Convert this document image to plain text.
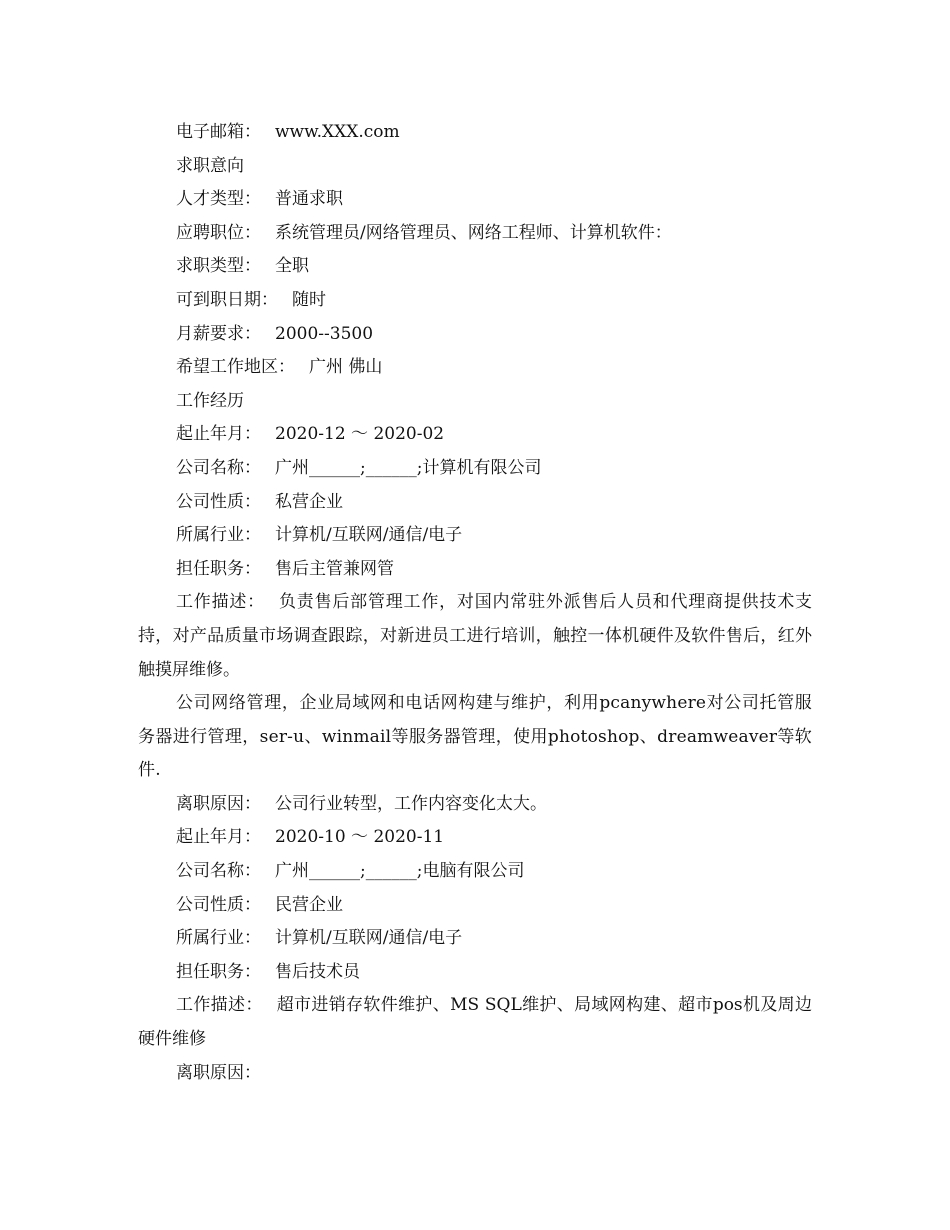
电子邮箱： www.XXX.com
求职意向
人才类型： 普通求职
应聘职位： 系统管理员/网络管理员、网络工程师、计算机软件：
求职类型： 全职
可到职日期： 随时
月薪要求： 2000--3500
希望工作地区： 广州 佛山
工作经历
起止年月： 2020-12 ～ 2020-02
公司名称： 广州______;______;计算机有限公司
公司性质： 私营企业
所属行业： 计算机/互联网/通信/电子
担任职务： 售后主管兼网管
工作描述： 负责售后部管理工作，对国内常驻外派售后人员和代理商提供技术支持，对产品质量市场调查跟踪，对新进员工进行培训，触控一体机硬件及软件售后，红外触摸屏维修。
公司网络管理，企业局域网和电话网构建与维护，利用pcanywhere对公司托管服务器进行管理，ser-u、winmail等服务器管理，使用photoshop、dreamweaver等软件.
离职原因： 公司行业转型，工作内容变化太大。
起止年月： 2020-10 ～ 2020-11
公司名称： 广州______;______;电脑有限公司
公司性质： 民营企业
所属行业： 计算机/互联网/通信/电子
担任职务： 售后技术员
工作描述： 超市进销存软件维护、MS SQL维护、局域网构建、超市pos机及周边硬件维修
离职原因：
